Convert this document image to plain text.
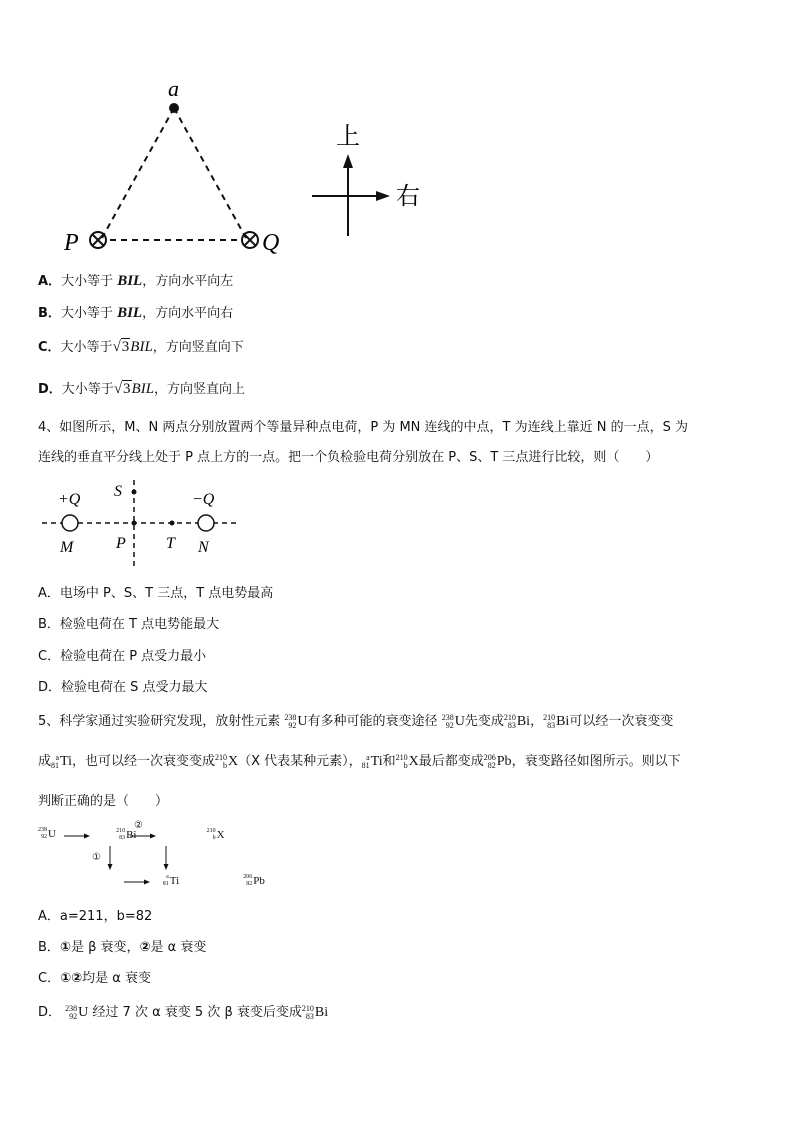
a
P	Q
上
右
A．大小等于 BIL，方向水平向左
B．大小等于 BIL，方向水平向右
C．大小等于√3BIL，方向竖直向下
D．大小等于√3BIL，方向竖直向上
4、如图所示，M、N 两点分别放置两个等量异种点电荷，P 为 MN 连线的中点，T 为连线上靠近 N 的一点，S 为
连线的垂直平分线上处于 P 点上方的一点。把一个负检验电荷分别放在 P、S、T 三点进行比较，则（　　）
+Q	−Q
S
M	P	T N
A．电场中 P、S、T 三点，T 点电势最高
B．检验电荷在 T 点电势能最大
C．检验电荷在 P 点受力最小
D．检验电荷在 S 点受力最大
5、科学家通过实验研究发现，放射性元素 238
92 U有多种可能的衰变途径 238
92 U先变成 210
83 Bi， 210
83 Bi可以经一次衰变变
成 a
81 Ti，也可以经一次衰变变成 210
b X（X 代表某种元素）， a
81 Ti和 210
b X最后都变成 206
82 Pb，衰变路径如图所示。则以下
判断正确的是（　　）
238
92 U	210
83 Bi	210
b X
a
81 Ti	206
82 Pb
②
①
A．a=211，b=82
B．①是 β 衰变，②是 α 衰变
C．①②均是 α 衰变
D． 238
92 U 经过 7 次 α 衰变 5 次 β 衰变后变成 210
83 Bi
